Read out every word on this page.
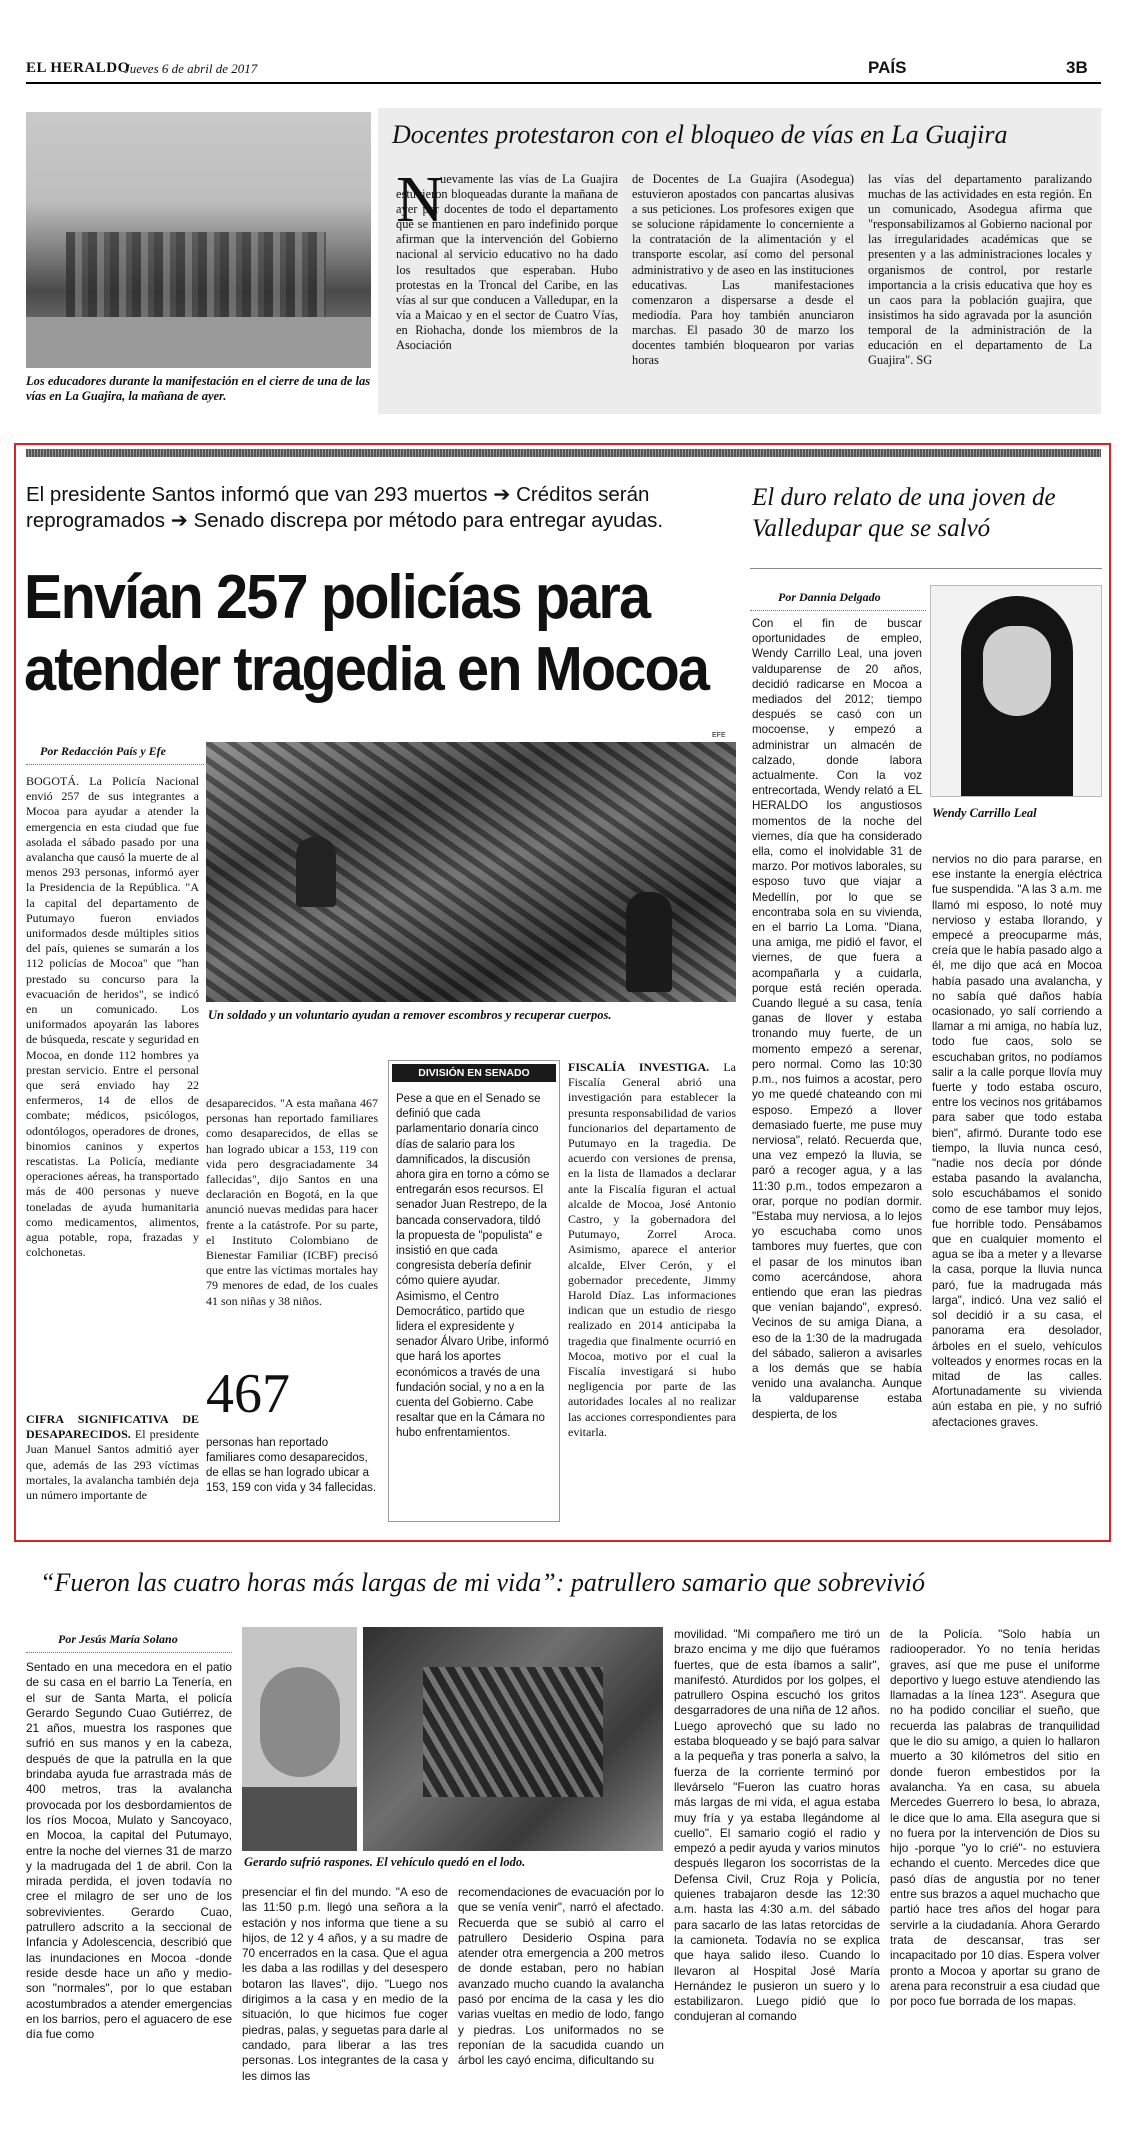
EL HERALDO
Jueves 6 de abril de 2017	PAÍS	3B
Los educadores durante la manifestación en el cierre de una de las vías en La Guajira, la mañana de ayer.
Docentes protestaron con el bloqueo de vías en La Guajira
N

uevamente las vías de La Guajira estuvieron bloqueadas durante la mañana de ayer por docentes de todo el departamento que se mantienen en paro indefinido porque afirman que la intervención del Gobierno nacional al servicio educativo no ha dado los resultados que esperaban. Hubo protestas en la Troncal del Caribe, en las vías al sur que conducen a Valledupar, en la vía a Maicao y en el sector de Cuatro Vías, en Riohacha, donde los miembros de la Asociación

de Docentes de La Guajira (Asodegua) estuvieron apostados con pancartas alusivas a sus peticiones. Los profesores exigen que se solucione rápidamente lo concerniente a la contratación de la alimentación y el transporte escolar, así como del personal administrativo y de aseo en las instituciones educativas. Las manifestaciones comenzaron a dispersarse a desde el mediodía. Para hoy también anunciaron marchas. El pasado 30 de marzo los docentes también bloquearon por varias horas

las vías del departamento paralizando muchas de las actividades en esta región. En un comunicado, Asodegua afirma que "responsabilizamos al Gobierno nacional por las irregularidades académicas que se presenten y a las administraciones locales y organismos de control, por restarle importancia a la crisis educativa que hoy es un caos para la población guajira, que insistimos ha sido agravada por la asunción temporal de la administración de la educación en el departamento de La Guajira". SG

El presidente Santos informó que van 293 muertos ➔ Créditos serán reprogramados ➔ Senado discrepa por método para entregar ayudas.
Envían 257 policías para atender tragedia en Mocoa
Por Redacción País y Efe
EFE
Un soldado y un voluntario ayudan a remover escombros y recuperar cuerpos.

BOGOTÁ. La Policía Nacional envió 257 de sus integrantes a Mocoa para ayudar a atender la emergencia en esta ciudad que fue asolada el sábado pasado por una avalancha que causó la muerte de al menos 293 personas, informó ayer la Presidencia de la República. "A la capital del departamento de Putumayo fueron enviados uniformados desde múltiples sitios del país, quienes se sumarán a los 112 policías de Mocoa" que "han prestado su concurso para la evacuación de heridos", se indicó en un comunicado. Los uniformados apoyarán las labores de búsqueda, rescate y seguridad en Mocoa, en donde 112 hombres ya prestan servicio. Entre el personal que será enviado hay 22 enfermeros, 14 de ellos de combate; médicos, psicólogos, odontólogos, operadores de drones, binomios caninos y expertos rescatistas. La Policía, mediante operaciones aéreas, ha transportado más de 400 personas y nueve toneladas de ayuda humanitaria como medicamentos, alimentos, agua potable, ropa, frazadas y colchonetas.

CIFRA SIGNIFICATIVA DE DESAPARECIDOS. El presidente Juan Manuel Santos admitió ayer que, además de las 293 víctimas mortales, la avalancha también deja un número importante de

desaparecidos. "A esta mañana 467 personas han reportado familiares como desaparecidos, de ellas se han logrado ubicar a 153, 119 con vida pero desgraciadamente 34 fallecidas", dijo Santos en una declaración en Bogotá, en la que anunció nuevas medidas para hacer frente a la catástrofe. Por su parte, el Instituto Colombiano de Bienestar Familiar (ICBF) precisó que entre las víctimas mortales hay 79 menores de edad, de los cuales 41 son niñas y 38 niños.

467

personas han reportado familiares como desaparecidos, de ellas se han logrado ubicar a 153, 159 con vida y 34 fallecidas.

DIVISIÓN EN SENADO

Pese a que en el Senado se definió que cada parlamentario donaría cinco días de salario para los damnificados, la discusión ahora gira en torno a cómo se entregarán esos recursos. El senador Juan Restrepo, de la bancada conservadora, tildó la propuesta de "populista" e insistió en que cada congresista debería definir cómo quiere ayudar. Asimismo, el Centro Democrático, partido que lidera el expresidente y senador Álvaro Uribe, informó que hará los aportes económicos a través de una fundación social, y no a en la cuenta del Gobierno. Cabe resaltar que en la Cámara no hubo enfrentamientos.

FISCALÍA INVESTIGA. La Fiscalía General abrió una investigación para establecer la presunta responsabilidad de varios funcionarios del departamento de Putumayo en la tragedia. De acuerdo con versiones de prensa, en la lista de llamados a declarar ante la Fiscalía figuran el actual alcalde de Mocoa, José Antonio Castro, y la gobernadora del Putumayo, Zorrel Aroca. Asimismo, aparece el anterior alcalde, Elver Cerón, y el gobernador precedente, Jimmy Harold Díaz. Las informaciones indican que un estudio de riesgo realizado en 2014 anticipaba la tragedia que finalmente ocurrió en Mocoa, motivo por el cual la Fiscalía investigará si hubo negligencia por parte de las autoridades locales al no realizar las acciones correspondientes para evitarla.

El duro relato de una joven de Valledupar que se salvó
Por Dannia Delgado
Wendy Carrillo Leal

Con el fin de buscar oportunidades de empleo, Wendy Carrillo Leal, una joven valduparense de 20 años, decidió radicarse en Mocoa a mediados del 2012; tiempo después se casó con un mocoense, y empezó a administrar un almacén de calzado, donde labora actualmente. Con la voz entrecortada, Wendy relató a EL HERALDO los angustiosos momentos de la noche del viernes, día que ha considerado ella, como el inolvidable 31 de marzo. Por motivos laborales, su esposo tuvo que viajar a Medellín, por lo que se encontraba sola en su vivienda, en el barrio La Loma. "Diana, una amiga, me pidió el favor, el viernes, de que fuera a acompañarla y a cuidarla, porque está recién operada. Cuando llegué a su casa, tenía ganas de llover y estaba tronando muy fuerte, de un momento empezó a serenar, pero normal. Como las 10:30 p.m., nos fuimos a acostar, pero yo me quedé chateando con mi esposo. Empezó a llover demasiado fuerte, me puse muy nerviosa", relató. Recuerda que, una vez empezó la lluvia, se paró a recoger agua, y a las 11:30 p.m., todos empezaron a orar, porque no podían dormir. "Estaba muy nerviosa, a lo lejos yo escuchaba como unos tambores muy fuertes, que con el pasar de los minutos iban como acercándose, ahora entiendo que eran las piedras que venían bajando", expresó. Vecinos de su amiga Diana, a eso de la 1:30 de la madrugada del sábado, salieron a avisarles a los demás que se había venido una avalancha. Aunque la valduparense estaba despierta, de los

nervios no dio para pararse, en ese instante la energía eléctrica fue suspendida. "A las 3 a.m. me llamó mi esposo, lo noté muy nervioso y estaba llorando, y empecé a preocuparme más, creía que le había pasado algo a él, me dijo que acá en Mocoa había pasado una avalancha, y no sabía qué daños había ocasionado, yo salí corriendo a llamar a mi amiga, no había luz, todo fue caos, solo se escuchaban gritos, no podíamos salir a la calle porque llovía muy fuerte y todo estaba oscuro, entre los vecinos nos gritábamos para saber que todo estaba bien", afirmó. Durante todo ese tiempo, la lluvia nunca cesó, "nadie nos decía por dónde estaba pasando la avalancha, solo escuchábamos el sonido como de ese tambor muy lejos, fue horrible todo. Pensábamos que en cualquier momento el agua se iba a meter y a llevarse la casa, porque la lluvia nunca paró, fue la madrugada más larga", indicó. Una vez salió el sol decidió ir a su casa, el panorama era desolador, árboles en el suelo, vehículos volteados y enormes rocas en la mitad de las calles. Afortunadamente su vivienda aún estaba en pie, y no sufrió afectaciones graves.

“Fueron las cuatro horas más largas de mi vida”: patrullero samario que sobrevivió
Por Jesús María Solano
Gerardo sufrió raspones. El vehículo quedó en el lodo.

Sentado en una mecedora en el patio de su casa en el barrio La Tenería, en el sur de Santa Marta, el policía Gerardo Segundo Cuao Gutiérrez, de 21 años, muestra los raspones que sufrió en sus manos y en la cabeza, después de que la patrulla en la que brindaba ayuda fue arrastrada más de 400 metros, tras la avalancha provocada por los desbordamientos de los ríos Mocoa, Mulato y Sancoyaco, en Mocoa, la capital del Putumayo, entre la noche del viernes 31 de marzo y la madrugada del 1 de abril. Con la mirada perdida, el joven todavía no cree el milagro de ser uno de los sobrevivientes. Gerardo Cuao, patrullero adscrito a la seccional de Infancia y Adolescencia, describió que las inundaciones en Mocoa -donde reside desde hace un año y medio- son "normales", por lo que estaban acostumbrados a atender emergencias en los barrios, pero el aguacero de ese día fue como

presenciar el fin del mundo. "A eso de las 11:50 p.m. llegó una señora a la estación y nos informa que tiene a su hijos, de 12 y 4 años, y a su madre de 70 encerrados en la casa. Que el agua les daba a las rodillas y del desespero botaron las llaves", dijo. "Luego nos dirigimos a la casa y en medio de la situación, lo que hicimos fue coger piedras, palas, y seguetas para darle al candado, para liberar a las tres personas. Los integrantes de la casa y les dimos las

recomendaciones de evacuación por lo que se venía venir", narró el afectado. Recuerda que se subió al carro el patrullero Desiderio Ospina para atender otra emergencia a 200 metros de donde estaban, pero no habían avanzado mucho cuando la avalancha pasó por encima de la casa y les dio varias vueltas en medio de lodo, fango y piedras. Los uniformados no se reponían de la sacudida cuando un árbol les cayó encima, dificultando su

movilidad. "Mi compañero me tiró un brazo encima y me dijo que fuéramos fuertes, que de esta íbamos a salir", manifestó. Aturdidos por los golpes, el patrullero Ospina escuchó los gritos desgarradores de una niña de 12 años. Luego aprovechó que su lado no estaba bloqueado y se bajó para salvar a la pequeña y tras ponerla a salvo, la fuerza de la corriente terminó por llevárselo "Fueron las cuatro horas más largas de mi vida, el agua estaba muy fría y ya estaba llegándome al cuello". El samario cogió el radio y empezó a pedir ayuda y varios minutos después llegaron los socorristas de la Defensa Civil, Cruz Roja y Policía, quienes trabajaron desde las 12:30 a.m. hasta las 4:30 a.m. del sábado para sacarlo de las latas retorcidas de la camioneta. Todavía no se explica que haya salido ileso. Cuando lo llevaron al Hospital José María Hernández le pusieron un suero y lo estabilizaron. Luego pidió que lo condujeran al comando

de la Policía. "Solo había un radiooperador. Yo no tenía heridas graves, así que me puse el uniforme deportivo y luego estuve atendiendo las llamadas a la línea 123". Asegura que no ha podido conciliar el sueño, que recuerda las palabras de tranquilidad que le dio su amigo, a quien lo hallaron muerto a 30 kilómetros del sitio en donde fueron embestidos por la avalancha. Ya en casa, su abuela Mercedes Guerrero lo besa, lo abraza, le dice que lo ama. Ella asegura que si no fuera por la intervención de Dios su hijo -porque "yo lo crié"- no estuviera echando el cuento. Mercedes dice que pasó días de angustia por no tener entre sus brazos a aquel muchacho que partió hace tres años del hogar para servirle a la ciudadanía. Ahora Gerardo trata de descansar, tras ser incapacitado por 10 días. Espera volver pronto a Mocoa y aportar su grano de arena para reconstruir a esa ciudad que por poco fue borrada de los mapas.
